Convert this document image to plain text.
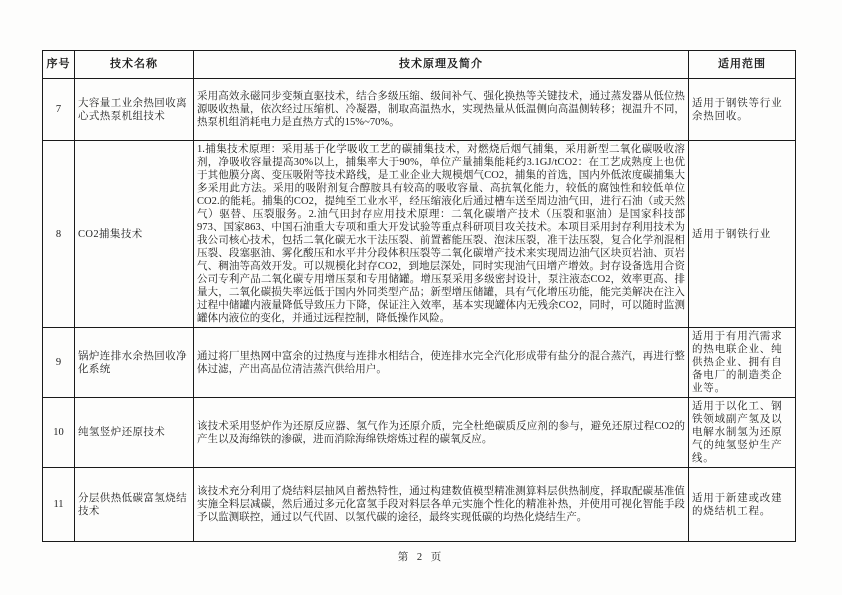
序号	技术名称	技术原理及简介	适用范围
7	大容量工业余热回收离心式热泵机组技术	采用高效永磁同步变频直驱技术，结合多级压缩、级间补气、强化换热等关键技术，通过蒸发器从低位热源吸收热量，依次经过压缩机、冷凝器，制取高温热水，实现热量从低温侧向高温侧转移；视温升不同，热泵机组消耗电力是直热方式的15%~70%。	适用于钢铁等行业余热回收。
8	CO2捕集技术	1.捕集技术原理：采用基于化学吸收工艺的碳捕集技术，对燃烧后烟气捕集，采用新型二氧化碳吸收溶剂，净吸收容量提高30%以上，捕集率大于90%，单位产量捕集能耗约3.1GJ/tCO2：在工艺成熟度上也优于其他膜分离、变压吸附等技术路线，是工业企业大规模烟气CO2，捕集的首选，国内外低浓度碳捕集大多采用此方法。采用的吸附剂复合醇胺具有较高的吸收容量、高抗氧化能力，较低的腐蚀性和较低单位CO2.的能耗。捕集的CO2，提纯至工业水平，经压缩液化后通过槽车送至周边油气田，进行石油（或天然气）驱替、压裂服务。2.油气田封存应用技术原理：二氧化碳增产技术（压裂和驱油）是国家科技部973、国家863、中国石油重大专项和重大开发试验等重点科研项目攻关技术。本项目采用封存利用技术为我公司核心技术，包括二氧化碳无水干法压裂、前置蓄能压裂、泡沫压裂，准干法压裂，复合化学剂混相压裂、段塞驱油、雾化酸压和水平井分段体积压裂等二氧化碳增产技术来实现周边油气区块页岩油、页岩气、稠油等高效开发。可以规模化封存CO2，到地层深处，同时实现油气田增产增效。封存设备选用合资公司专利产品二氧化碳专用增压泵和专用储罐。增压泵采用多级密封设计，泵注液态CO2，效率更高、排量大，二氧化碳损失率远低于国内外同类型产品；新型增压储罐，具有气化增压功能，能完美解决在注入过程中储罐内液量降低导致压力下降，保证注入效率，基本实现罐体内无残余CO2，同时，可以随时监测罐体内液位的变化，并通过远程控制，降低操作风险。	适用于钢铁行业
9	锅炉连排水余热回收净化系统	通过将厂里热网中富余的过热度与连排水相结合，使连排水完全汽化形成带有盐分的混合蒸汽，再进行整体过滤，产出高品位清洁蒸汽供给用户。	适用于有用汽需求的热电联企业、纯供热企业、拥有自备电厂的制造类企业等。
10	纯氢竖炉还原技术	该技术采用竖炉作为还原反应器、氢气作为还原介质，完全杜绝碳质反应剂的参与，避免还原过程CO2的产生以及海绵铁的渗碳，进而消除海绵铁熔炼过程的碳氧反应。	适用于以化工、钢铁领域副产氢及以电解水制氢为还原气的纯氢竖炉生产线。
11	分层供热低碳富氢烧结技术	该技术充分利用了烧结料层抽风自蓄热特性，通过构建数值模型精准测算料层供热制度，择取配碳基准值实施全料层减碳，然后通过多元化富氢手段对料层各单元实施个性化的精准补热，并使用可视化智能手段予以监测联控，通过以气代固、以氢代碳的途径，最终实现低碳的均热化烧结生产。	适用于新建或改建的烧结机工程。
第 2 页
